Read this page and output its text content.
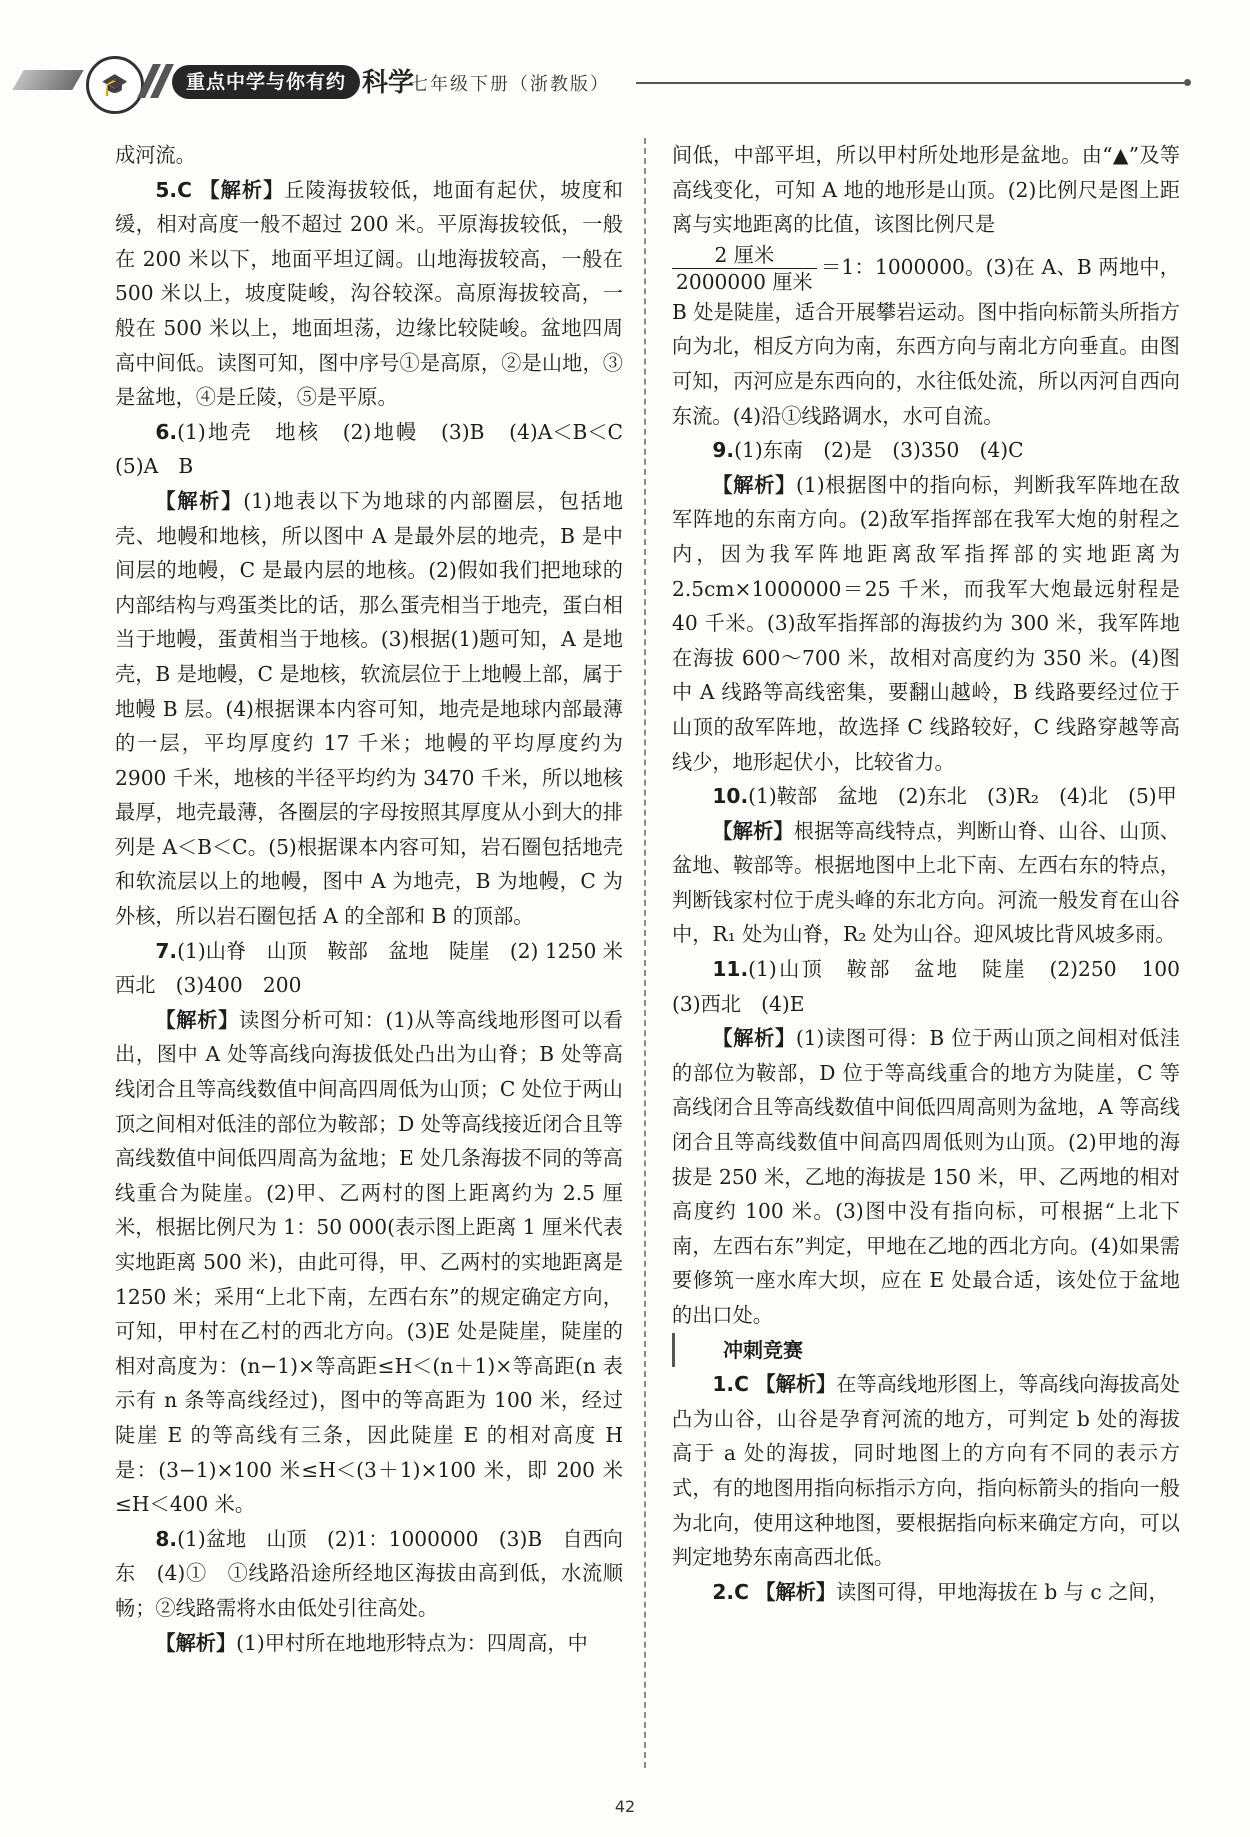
🎓	重点中学与你有约 科学
七年级下册（浙教版）

成河流。

5.C 【解析】丘陵海拔较低，地面有起伏，坡度和缓，相对高度一般不超过 200 米。平原海拔较低，一般在 200 米以下，地面平坦辽阔。山地海拔较高，一般在 500 米以上，坡度陡峻，沟谷较深。高原海拔较高，一般在 500 米以上，地面坦荡，边缘比较陡峻。盆地四周高中间低。读图可知，图中序号①是高原，②是山地，③是盆地，④是丘陵，⑤是平原。

6.(1)地壳　地核　(2)地幔　(3)B　(4)A＜B＜C　(5)A　B

【解析】(1)地表以下为地球的内部圈层，包括地壳、地幔和地核，所以图中 A 是最外层的地壳，B 是中间层的地幔，C 是最内层的地核。(2)假如我们把地球的内部结构与鸡蛋类比的话，那么蛋壳相当于地壳，蛋白相当于地幔，蛋黄相当于地核。(3)根据(1)题可知，A 是地壳，B 是地幔，C 是地核，软流层位于上地幔上部，属于地幔 B 层。(4)根据课本内容可知，地壳是地球内部最薄的一层，平均厚度约 17 千米；地幔的平均厚度约为 2900 千米，地核的半径平均约为 3470 千米，所以地核最厚，地壳最薄，各圈层的字母按照其厚度从小到大的排列是 A＜B＜C。(5)根据课本内容可知，岩石圈包括地壳和软流层以上的地幔，图中 A 为地壳，B 为地幔，C 为外核，所以岩石圈包括 A 的全部和 B 的顶部。

7.(1)山脊　山顶　鞍部　盆地　陡崖　(2) 1250 米　西北　(3)400　200

【解析】读图分析可知：(1)从等高线地形图可以看出，图中 A 处等高线向海拔低处凸出为山脊；B 处等高线闭合且等高线数值中间高四周低为山顶；C 处位于两山顶之间相对低洼的部位为鞍部；D 处等高线接近闭合且等高线数值中间低四周高为盆地；E 处几条海拔不同的等高线重合为陡崖。(2)甲、乙两村的图上距离约为 2.5 厘米，根据比例尺为 1：50 000(表示图上距离 1 厘米代表实地距离 500 米)，由此可得，甲、乙两村的实地距离是 1250 米；采用“上北下南，左西右东”的规定确定方向，可知，甲村在乙村的西北方向。(3)E 处是陡崖，陡崖的相对高度为：(n−1)×等高距≤H＜(n＋1)×等高距(n 表示有 n 条等高线经过)，图中的等高距为 100 米，经过陡崖 E 的等高线有三条，因此陡崖 E 的相对高度 H 是：(3−1)×100 米≤H＜(3＋1)×100 米，即 200 米≤H＜400 米。

8.(1)盆地　山顶　(2)1：1000000　(3)B　自西向东　(4)①　①线路沿途所经地区海拔由高到低，水流顺畅；②线路需将水由低处引往高处。

【解析】(1)甲村所在地地形特点为：四周高，中

间低，中部平坦，所以甲村所处地形是盆地。由“▲”及等高线变化，可知 A 地的地形是山顶。(2)比例尺是图上距离与实地距离的比值，该图比例尺是

$\frac{\text{2 厘米}}{\text{2000000 厘米}} =1$：1000000。(3)在 A、B 两地中，B 处是陡崖，适合开展攀岩运动。图中指向标箭头所指方向为北，相反方向为南，东西方向与南北方向垂直。由图可知，丙河应是东西向的，水往低处流，所以丙河自西向东流。(4)沿①线路调水，水可自流。

9.(1)东南　(2)是　(3)350　(4)C

【解析】(1)根据图中的指向标，判断我军阵地在敌军阵地的东南方向。(2)敌军指挥部在我军大炮的射程之内，因为我军阵地距离敌军指挥部的实地距离为 2.5cm×1000000＝25 千米，而我军大炮最远射程是 40 千米。(3)敌军指挥部的海拔约为 300 米，我军阵地在海拔 600～700 米，故相对高度约为 350 米。(4)图中 A 线路等高线密集，要翻山越岭，B 线路要经过位于山顶的敌军阵地，故选择 C 线路较好，C 线路穿越等高线少，地形起伏小，比较省力。

10.(1)鞍部　盆地　(2)东北　(3)R₂　(4)北　(5)甲

【解析】根据等高线特点，判断山脊、山谷、山顶、盆地、鞍部等。根据地图中上北下南、左西右东的特点，判断钱家村位于虎头峰的东北方向。河流一般发育在山谷中，R₁ 处为山脊，R₂ 处为山谷。迎风坡比背风坡多雨。

11.(1)山顶　鞍部　盆地　陡崖　(2)250　100　(3)西北　(4)E

【解析】(1)读图可得：B 位于两山顶之间相对低洼的部位为鞍部，D 位于等高线重合的地方为陡崖，C 等高线闭合且等高线数值中间低四周高则为盆地，A 等高线闭合且等高线数值中间高四周低则为山顶。(2)甲地的海拔是 250 米，乙地的海拔是 150 米，甲、乙两地的相对高度约 100 米。(3)图中没有指向标，可根据“上北下南，左西右东”判定，甲地在乙地的西北方向。(4)如果需要修筑一座水库大坝，应在 E 处最合适，该处位于盆地的出口处。

冲刺竞赛

1.C 【解析】在等高线地形图上，等高线向海拔高处凸为山谷，山谷是孕育河流的地方，可判定 b 处的海拔高于 a 处的海拔，同时地图上的方向有不同的表示方式，有的地图用指向标指示方向，指向标箭头的指向一般为北向，使用这种地图，要根据指向标来确定方向，可以判定地势东南高西北低。

2.C 【解析】读图可得，甲地海拔在 b 与 c 之间，

42
